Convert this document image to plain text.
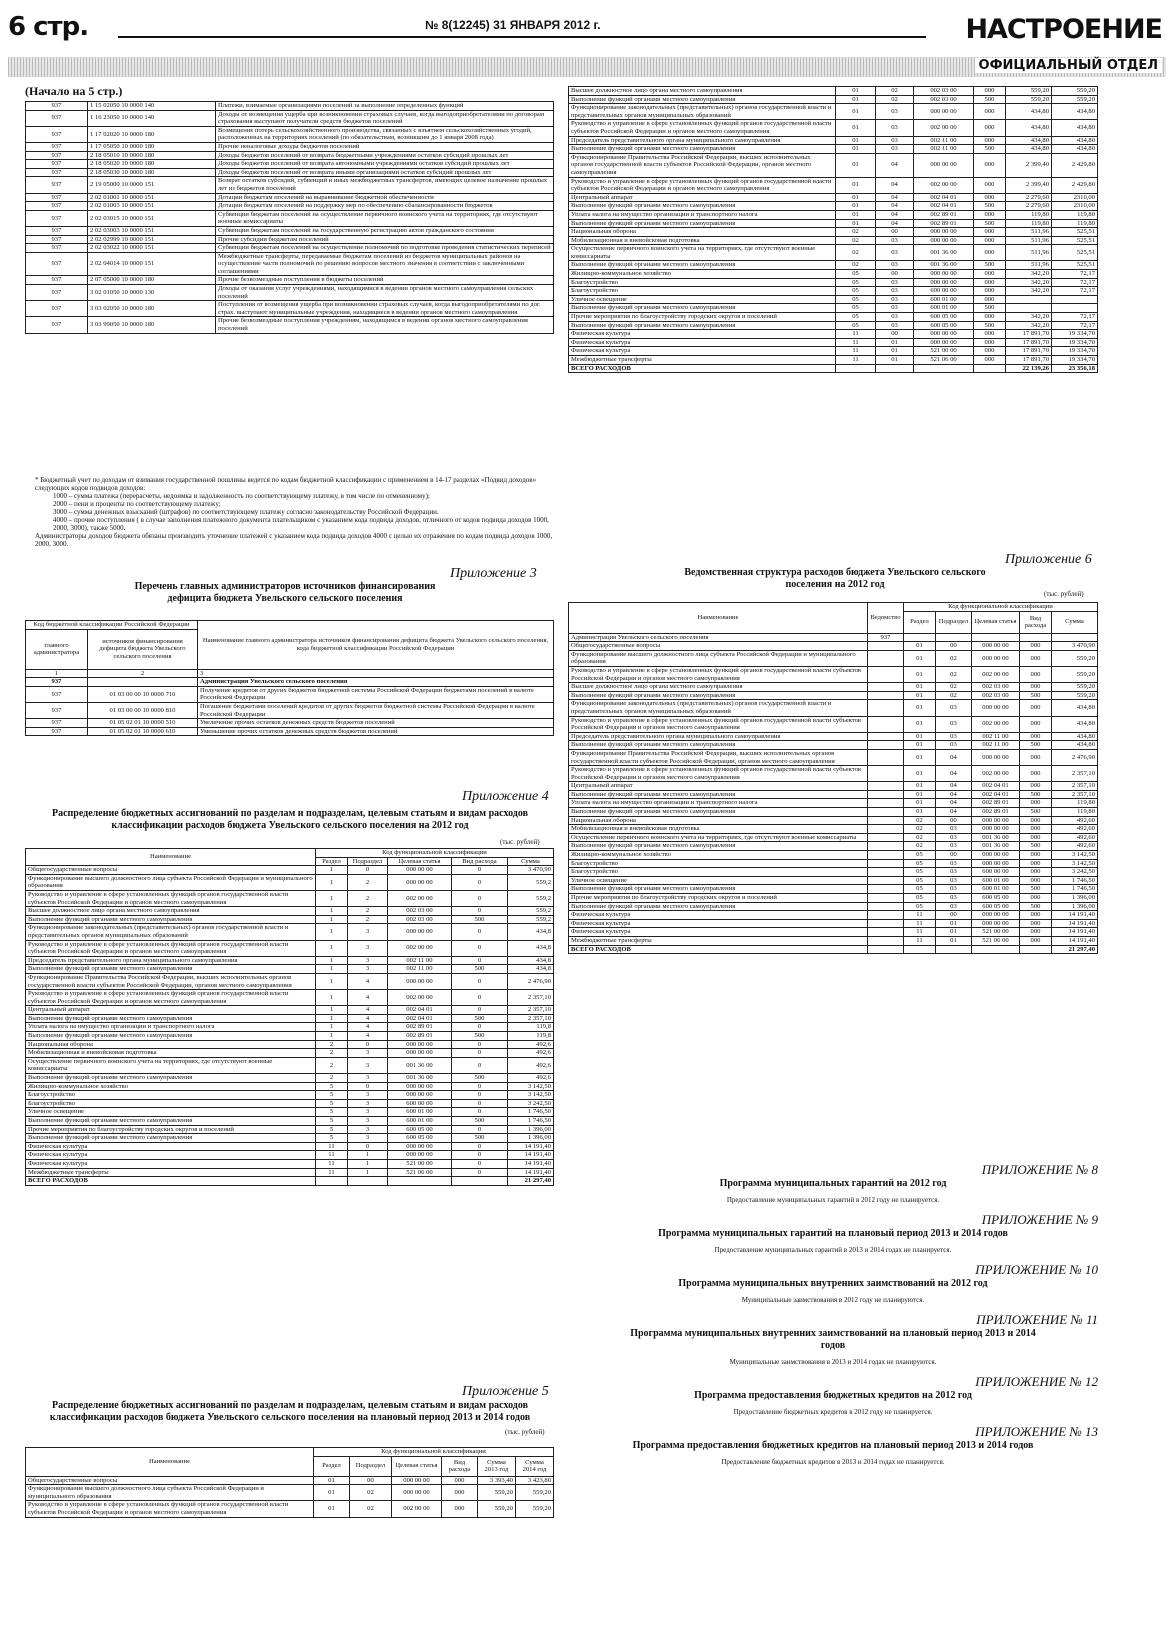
6 стр.	№ 8(12245) 31 ЯНВАРЯ 2012 г.	НАСТРОЕНИЕ
ОФИЦИАЛЬНЫЙ ОТДЕЛ
(Начало на 5 стр.)
937	1 15 02050 10 0000 140	Платежи, взимаемые организациями поселений за выполнение определенных функций
937	1 16 23050 10 0000 140	Доходы от возмещения ущерба при возникновении страховых случаев, когда выгодоприобретателями по договорам страхования выступают получатели средств бюджетов поселений
937	1 17 02020 10 0000 180	Возмещение потерь сельскохозяйственного производства, связанных с изъятием сельскохозяйственных угодий, расположенных на территориях поселений (по обязательствам, возникшим до 1 января 2008 года)
937	1 17 05050 10 0000 180	Прочие неналоговые доходы бюджетов поселений
937	2 18 05010 10 0000 180	Доходы бюджетов поселений от возврата бюджетными учреждениями остатков субсидий прошлых лет
937	2 18 05020 10 0000 180	Доходы бюджетов поселений от возврата автономными учреждениями остатков субсидий прошлых лет
937	2 18 05030 10 0000 180	Доходы бюджетов поселений от возврата иными организациями остатков субсидий прошлых лет
937	2 19 05000 10 0000 151	Возврат остатков субсидий, субвенций и иных межбюджетных трансфертов, имеющих целевое назначение прошлых лет из бюджетов поселений
937	2 02 01001 10 0000 151	Дотации бюджетам поселений на выравнивание бюджетной обеспеченности
937	2 02 01003 10 0000 151	Дотации бюджетам поселений на поддержку мер по обеспечению сбалансированности бюджетов
937	2 02 03015 10 0000 151	Субвенции бюджетам поселений на осуществление первичного воинского учета на территориях, где отсутствуют военные комиссариаты
937	2 02 03003 10 0000 151	Субвенции бюджетам поселений на государственную регистрацию актов гражданского состояния
937	2 02 02999 10 0000 151	Прочие субсидии бюджетам поселений
937	2 02 03022 10 0000 151	Субвенции бюджетам поселений на осуществление полномочий по подготовке проведения статистических переписей
937	2 02 04014 10 0000 151	Межбюджетные трансферты, передаваемые бюджетам поселений из бюджетов муниципальных районов на осуществление части полномочий по решению вопросов местного значения в соответствии с заключенными соглашениями
937	2 07 05000 10 0000 180	Прочие безвозмездные поступления в бюджеты поселений
937	3 02 01050 10 0000 130	Доходы от оказания услуг учреждениями, находящимися в ведении органов местного самоуправления сельских поселений
937	3 03 02050 10 0000 180	Поступления от возмещения ущерба при возникновении страховых случаев, когда выгодоприобретателями по дог. страх. выступают муниципальные учреждения, находящиеся в ведении органов местного самоуправления
937	3 03 99050 10 0000 180	Прочие безвозмездные поступления учреждениям, находящимся в ведении органов местного самоуправления поселений
* Бюджетный учет по доходам от взимания государственной пошлины ведется по кодам бюджетной классификации с применением в 14-17 разделах «Подвид доходов» следующих кодов подвидов доходов:
1000 – сумма платежа (перерасчеты, недоимка и задолженность по соответствующему платежу, в том числе по отмененному);
2000 – пени и проценты по соответствующему платежу;
3000 – сумма денежных взысканий (штрафов) по соответствующему платежу согласно законодательству Российской Федерации.
4000 – прочие поступления ( в случае заполнения платежного документа плательщиком с указанием кода подвида доходов, отличного от кодов подвида доходов 1000, 2000, 3000), также 5000.
Администраторы доходов бюджета обязаны производить уточнение платежей с указанием кода подвида доходов 4000 с целью их отражения по кодам подвида доходов 1000, 2000, 3000.
Приложение 3
Перечень главных администраторов источников финансирования дефицита бюджета Увельского сельского поселения
Код бюджетной классификации Российской Федерации		Наименование главного администратора источников финансирования дефицита бюджета Увельского сельского поселения, кода бюджетной классификации Российской Федерации
главного администратора	источников финансирования дефицита бюджета Увельского сельского поселения	
1	2	3
937		Администрация Увельского сельского поселения
937	01 03 00 00 10 0000 710	Получение кредитов от других бюджетов бюджетной системы Российской Федерации бюджетами поселений в валюте Российской Федерации
937	01 03 00 00 10 0000 810	Погашение бюджетами поселений кредитов от других бюджетов бюджетной системы Российской Федерации в валюте Российской Федерации
937	01 05 02 01 10 0000 510	Увеличение прочих остатков денежных средств бюджетов поселений
937	01 05 02 01 10 0000 610	Уменьшение прочих остатков денежных средств бюджетов поселений
Приложение 4
Распределение бюджетных ассигнований по разделам и подразделам, целевым статьям и видам расходов классификации расходов бюджета Увельского сельского поселения на 2012 год
(тыс. рублей)
Наименование	Код функциональной классификации				
	Раздел	Подраздел	Целевая статья	Вид расхода	Сумма
Общегосударственные вопросы	1	0	000 00 00	0	3 470,90
Функционирование высшего должностного лица субъекта Российской Федерации и муниципального образования	1	2	000 00 00	0	559,2
Руководство и управление в сфере установленных функций органов государственной власти субъектов Российской Федерации и органов местного самоуправления	1	2	002 00 00	0	559,2
Высшее должностное лицо органа местного самоуправления	1	2	002 03 00	0	559,2
Выполнение функций органами местного самоуправления	1	2	002 03 00	500	559,2
Функционирование законодательных (представительных) органов государственной власти и представительных органов муниципальных образований	1	3	000 00 00	0	434,8
Руководство и управление в сфере установленных функций органов государственной власти субъектов Российской Федерации и органов местного самоуправления	1	3	002 00 00	0	434,8
Председатель представительного органа муниципального самоуправления	1	3	002 11 00	0	434,8
Выполнение функций органами местного самоуправления	1	3	002 11 00	500	434,8
Функционирование Правительства Российской Федерации, высших исполнительных органов государственной власти субъектов Российской Федерации, органов местного самоуправления	1	4	000 00 00	0	2 476,90
Руководство и управление в сфере установленных функций органов государственной власти субъектов Российской Федерации и органов местного самоуправления	1	4	002 00 00	0	2 357,10
Центральный аппарат	1	4	002 04 01	0	2 357,10
Выполнение функций органами местного самоуправления	1	4	002 04 01	500	2 357,10
Уплата налога на имущество организации и транспортного налога	1	4	002 89 01	0	119,8
Выполнение функций органами местного самоуправления	1	4	002 89 01	500	119,8
Национальная оборона	2	0	000 00 00	0	492,6
Мобилизационная и вневойсковая подготовка	2	3	000 00 00	0	492,6
Осуществление первичного воинского учета на территориях, где отсутствуют военные комиссариаты	2	3	001 36 00	0	492,6
Выполнение функций органами местного самоуправления	2	3	001 36 00	500	492,6
Жилищно-коммунальное хозяйство	5	0	000 00 00	0	3 142,50
Благоустройство	5	3	000 00 00	0	3 142,50
Благоустройство	5	3	600 00 00	0	3 242,50
Уличное освещение	5	3	600 01 00	0	1 746,50
Выполнение функций органами местного самоуправления	5	3	600 01 00	500	1 746,50
Прочие мероприятия по благоустройству городских округов и поселений	5	3	600 05 00	0	1 396,00
Выполнение функций органами местного самоуправления	5	3	600 05 00	500	1 396,00
Физическая культура	11	0	000 00 00	0	14 191,40
Физическая культура	11	1	000 00 00	0	14 191,40
Физическая культура	11	1	521 00 00	0	14 191,40
Межбюджетные трансферты	11	1	521 06 00	0	14 191,40
ВСЕГО РАСХОДОВ					21 297,40
Приложение 5
Распределение бюджетных ассигнований по разделам и подразделам, целевым статьям и видам расходов классификации расходов бюджета Увельского сельского поселения на плановый период 2013 и 2014 годов
(тыс. рублей)
Наименование	Код функциональной классификации					
	Раздел	Подраздел	Целевая статья	Вид расхода	Сумма 2013 год	Сумма 2014 год
Общегосударственные вопросы	01	00	000 00 00	000	3 393,40	3 423,80
Функционирование высшего должностного лица субъекта Российской Федерации и муниципального образования	01	02	000 00 00	000	559,20	559,20
Руководство и управление в сфере установленных функций органов государственной власти субъектов Российской Федерации и органов местного самоуправления	01	02	002 00 00	000	559,20	559,20
Высшее должностное лицо органа местного самоуправления	01	02	002 03 00	000	559,20	559,20
Выполнение функций органами местного самоуправления	01	02	002 03 00	500	559,20	559,20
Функционирование законодательных (представительных) органов государственной власти и представительных органов муниципальных образований	01	03	000 00 00	000	434,80	434,80
Руководство и управление в сфере установленных функций органов государственной власти субъектов Российской Федерации и органов местного самоуправления	01	03	002 00 00	000	434,80	434,80
Председатель представительного органа муниципального самоуправления	01	03	002 11 00	000	434,80	434,80
Выполнение функций органами местного самоуправления	01	03	002 11 00	500	434,80	434,80
Функционирование Правительства Российской Федерации, высших исполнительных органов государственной власти субъектов Российской Федерации, органов местного самоуправления	01	04	000 00 00	000	2 399,40	2 429,80
Руководство и управление в сфере установленных функций органов государственной власти субъектов Российской Федерации и органов местного самоуправления	01	04	002 00 00	000	2 399,40	2 429,80
Центральный аппарат	01	04	002 04 01	000	2 279,60	2310,00
Выполнение функций органами местного самоуправления	01	04	002 04 01	500	2 279,60	2310,00
Уплата налога на имущество организации и транспортного налога	01	04	002 89 01	000	119,80	119,80
Выполнение функций органами местного самоуправления	01	04	002 89 01	500	119,80	119,80
Национальная оборона	02	00	000 00 00	000	511,96	525,51
Мобилизационная и вневойсковая подготовка	02	03	000 00 00	000	511,96	525,51
Осуществление первичного воинского учета на территориях, где отсутствуют военные комиссариаты	02	03	001 36 00	000	511,96	525,51
Выполнение функций органами местного самоуправления	02	03	001 36 00	500	511,96	525,51
Жилищно-коммунальное хозяйство	05	00	000 00 00	000	342,20	72,17
Благоустройство	05	03	000 00 00	000	342,20	72,17
Благоустройство	05	03	600 00 00	000	342,20	72,17
Уличное освещение	05	03	600 01 00	000		
Выполнение функций органами местного самоуправления	05	03	600 01 00	500		
Прочие мероприятия по благоустройству городских округов и поселений	05	03	600 05 00	000	342,20	72,17
Выполнение функций органами местного самоуправления	05	03	600 05 00	500	342,20	72,17
Физическая культура	11	00	000 00 00	000	17 891,70	19 334,70
Физическая культура	11	01	000 00 00	000	17 891,70	19 334,70
Физическая культура	11	01	521 00 00	000	17 891,70	19 334,70
Межбюджетные трансферты	11	01	521 06 00	000	17 891,70	19 334,70
ВСЕГО РАСХОДОВ					22 139,26	23 356,18
Приложение 6
Ведомственная структура расходов бюджета Увельского сельского поселения на 2012 год
(тыс. рублей)
Наименование	Ведомство	Код функциональной классификации				
		Раздел	Подраздел	Целевая статья	Вид расхода	Сумма
Администрация Увельского сельского поселения	937					
Общегосударственные вопросы		01	00	000 00 00	000	3 470,90
Функционирование высшего должностного лица субъекта Российской Федерации и муниципального образования		01	02	000 00 00	000	559,20
Руководство и управление в сфере установленных функций органов государственной власти субъектов Российской Федерации и органов местного самоуправления		01	02	002 00 00	000	559,20
Высшее должностное лицо органа местного самоуправления		01	02	002 03 00	000	559,20
Выполнение функций органами местного самоуправления		01	02	002 03 00	500	559,20
Функционирование законодательных (представительных) органов государственной власти и представительных органов муниципальных образований		01	03	000 00 00	000	434,80
Руководство и управление в сфере установленных функций органов государственной власти субъектов Российской Федерации и органов местного самоуправления		01	03	002 00 00	000	434,80
Председатель представительного органа муниципального самоуправления		01	03	002 11 00	000	434,80
Выполнение функций органами местного самоуправления		01	03	002 11 00	500	434,80
Функционирование Правительства Российской Федерации, высших исполнительных органов государственной власти субъектов Российской Федерации, органов местного самоуправления		01	04	000 00 00	000	2 476,90
Руководство и управление в сфере установленных функций органов государственной власти субъектов Российской Федерации и органов местного самоуправления		01	04	002 00 00	000	2 357,10
Центральный аппарат		01	04	002 04 01	000	2 357,10
Выполнение функций органами местного самоуправления		01	04	002 04 01	500	2 357,10
Уплата налога на имущество организации и транспортного налога		01	04	002 89 01	000	119,80
Выполнение функций органами местного самоуправления		01	04	002 89 01	500	119,80
Национальная оборона		02	00	000 00 00	000	492,60
Мобилизационная и вневойсковая подготовка		02	03	000 00 00	000	492,60
Осуществление первичного воинского учета на территориях, где отсутствуют военные комиссариаты		02	03	001 36 00	000	492,60
Выполнение функций органами местного самоуправления		02	03	001 36 00	500	492,60
Жилищно-коммунальное хозяйство		05	00	000 00 00	000	3 142,50
Благоустройство		05	03	000 00 00	000	3 142,50
Благоустройство		05	03	600 00 00	000	3 242,50
Уличное освещение		05	03	600 01 00	000	1 746,50
Выполнение функций органами местного самоуправления		05	03	600 01 00	500	1 746,50
Прочие мероприятия по благоустройству городских округов и поселений		05	03	600 05 00	000	1 396,00
Выполнение функций органами местного самоуправления		05	03	600 05 00	500	1 396,00
Физическая культура		11	00	000 00 00	000	14 191,40
Физическая культура		11	01	000 00 00	000	14 191,40
Физическая культура		11	01	521 00 00	000	14 191,40
Межбюджетные трансферты		11	01	521 06 00	000	14 191,40
ВСЕГО РАСХОДОВ						21 297,40
ПРИЛОЖЕНИЕ № 8
Программа муниципальных гарантий на 2012 год
Предоставление муниципальных гарантий в 2012 году не планируется.
ПРИЛОЖЕНИЕ № 9
Программа муниципальных гарантий на плановый период 2013 и 2014 годов
Предоставление муниципальных гарантий в 2013 и 2014 годах не планируется.
ПРИЛОЖЕНИЕ № 10
Программа муниципальных внутренних заимствований на 2012 год
Муниципальные заимствования в 2012 году не планируются.
ПРИЛОЖЕНИЕ № 11
Программа муниципальных внутренних заимствований на плановый период 2013 и 2014 годов
Муниципальные заимствования в 2013 и 2014 годах не планируются.
ПРИЛОЖЕНИЕ № 12
Программа предоставления бюджетных кредитов на 2012 год
Предоставление бюджетных кредитов в 2012 году не планируется.
ПРИЛОЖЕНИЕ № 13
Программа предоставления бюджетных кредитов на плановый период 2013 и 2014 годов
Предоставление бюджетных кредитов в 2013 и 2014 годах не планируется.
